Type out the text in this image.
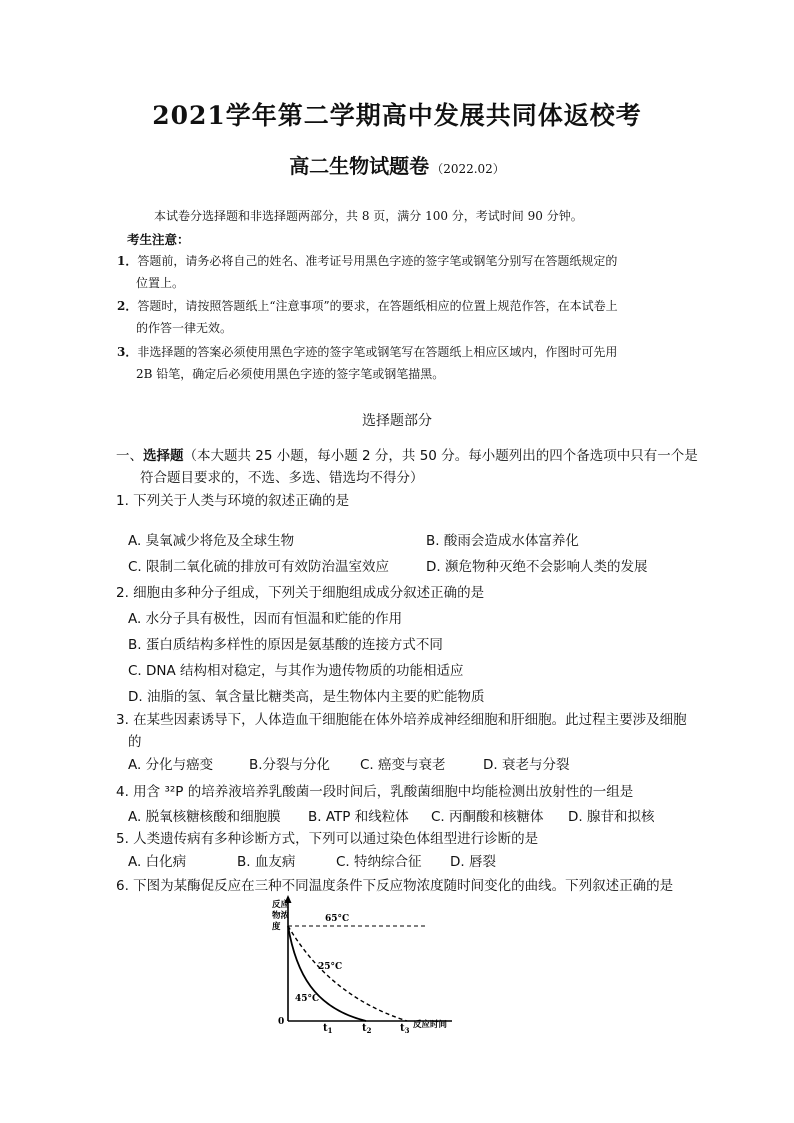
2021学年第二学期高中发展共同体返校考
高二生物试题卷 （2022.02）
本试卷分选择题和非选择题两部分，共 8 页，满分 100 分，考试时间 90 分钟。
考生注意：
1．答题前，请务必将自己的姓名、准考证号用黑色字迹的签字笔或钢笔分别写在答题纸规定的
位置上。
2．答题时，请按照答题纸上“注意事项”的要求，在答题纸相应的位置上规范作答，在本试卷上
的作答一律无效。
3．非选择题的答案必须使用黑色字迹的签字笔或钢笔写在答题纸上相应区域内，作图时可先用
2B 铅笔，确定后必须使用黑色字迹的签字笔或钢笔描黑。
选择题部分
一、选择题（本大题共 25 小题，每小题 2 分，共 50 分。每小题列出的四个备选项中只有一个是
符合题目要求的，不选、多选、错选均不得分）
1. 下列关于人类与环境的叙述正确的是
A. 臭氧减少将危及全球生物	B. 酸雨会造成水体富养化
C. 限制二氧化硫的排放可有效防治温室效应	D. 濒危物种灭绝不会影响人类的发展
2. 细胞由多种分子组成，下列关于细胞组成成分叙述正确的是
A. 水分子具有极性，因而有恒温和贮能的作用
B. 蛋白质结构多样性的原因是氨基酸的连接方式不同
C. DNA 结构相对稳定，与其作为遗传物质的功能相适应
D. 油脂的氢、氧含量比糖类高，是生物体内主要的贮能物质
3. 在某些因素诱导下，人体造血干细胞能在体外培养成神经细胞和肝细胞。此过程主要涉及细胞
的
A. 分化与癌变	B.分裂与分化 C. 癌变与衰老	D. 衰老与分裂
4. 用含 ³²P 的培养液培养乳酸菌一段时间后，乳酸菌细胞中均能检测出放射性的一组是
A. 脱氧核糖核酸和细胞膜 B. ATP 和线粒体 C. 丙酮酸和核糖体 D. 腺苷和拟核
5. 人类遗传病有多种诊断方式，下列可以通过染色体组型进行诊断的是
A. 白化病	B. 血友病	C. 特纳综合征 D. 唇裂
6. 下图为某酶促反应在三种不同温度条件下反应物浓度随时间变化的曲线。下列叙述正确的是
反应
物浓
度
0	反应时间
65°C
25°C
45°C
$t_1$	$t_2$	$t_3$
